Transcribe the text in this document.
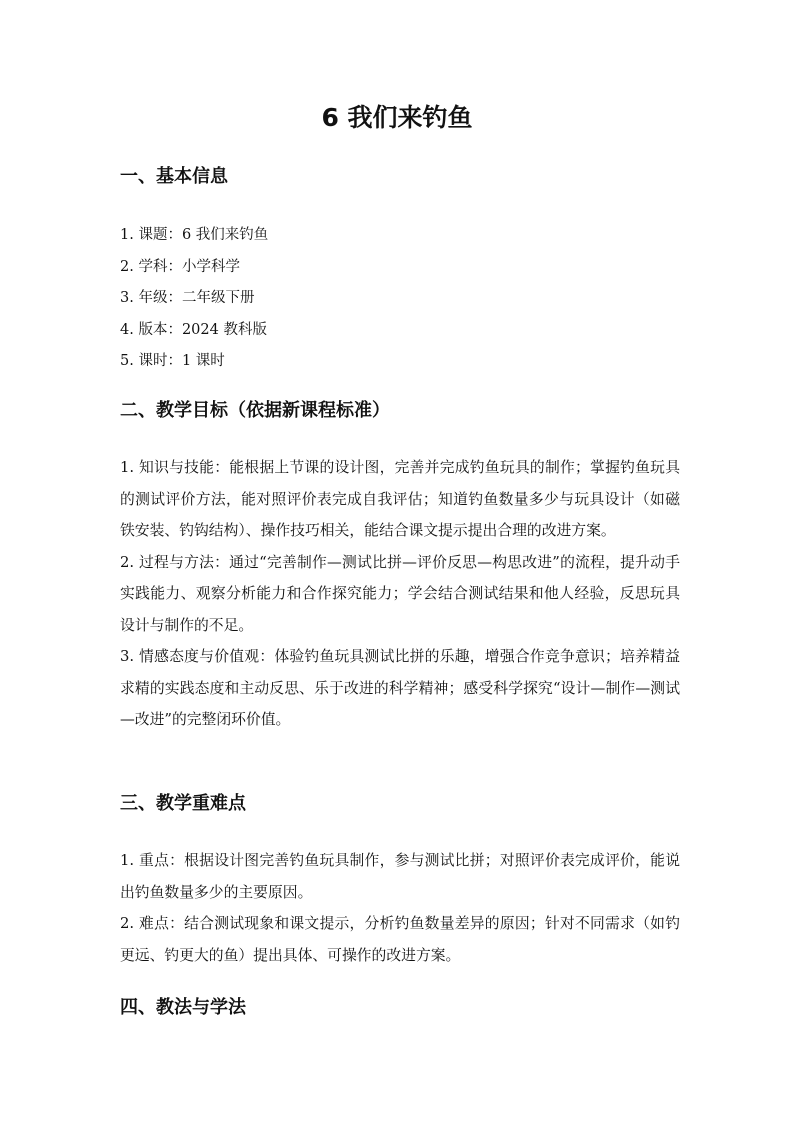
6 我们来钓鱼
一、基本信息
1. 课题：6 我们来钓鱼
2. 学科：小学科学
3. 年级：二年级下册
4. 版本：2024 教科版
5. 课时：1 课时
二、教学目标（依据新课程标准）

1. 知识与技能：能根据上节课的设计图，完善并完成钓鱼玩具的制作；掌握钓鱼玩具的测试评价方法，能对照评价表完成自我评估；知道钓鱼数量多少与玩具设计（如磁铁安装、钓钩结构）、操作技巧相关，能结合课文提示提出合理的改进方案。

2. 过程与方法：通过“完善制作—测试比拼—评价反思—构思改进”的流程，提升动手实践能力、观察分析能力和合作探究能力；学会结合测试结果和他人经验，反思玩具设计与制作的不足。

3. 情感态度与价值观：体验钓鱼玩具测试比拼的乐趣，增强合作竞争意识；培养精益求精的实践态度和主动反思、乐于改进的科学精神；感受科学探究“设计—制作—测试—改进”的完整闭环价值。

三、教学重难点

1. 重点：根据设计图完善钓鱼玩具制作，参与测试比拼；对照评价表完成评价，能说出钓鱼数量多少的主要原因。

2. 难点：结合测试现象和课文提示，分析钓鱼数量差异的原因；针对不同需求（如钓更远、钓更大的鱼）提出具体、可操作的改进方案。

四、教法与学法
